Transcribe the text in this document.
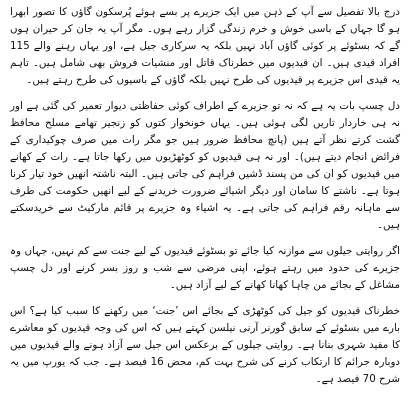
درج بالا تفصیل سے آپ کے ذہن میں ایک جزیرے پر بسے ہوئے پُرسکون گاؤں کا تصور ابھرا ہو گا جہاں کے باسی خوش و خرم زندگی گزار رہے ہوں۔ مگر آپ یہ جان کر حیران ہوں گے کہ بسٹوئے پر کوئی گاؤں آباد نہیں بلکہ یہ سرکاری جیل ہے، اور یہاں رہنے والے 115 افراد قیدی ہیں۔ ان قیدیوں میں خطرناک قاتل اور منشیات فروش بھی شامل ہیں۔ تاہم یہ قیدی اس جزیرے پر قیدیوں کی طرح نہیں بلکہ گاؤں کے باسیوں کی طرح رہتے ہیں۔

دل چسپ بات یہ ہے کہ نہ تو جزیرے کے اطراف کوئی حفاظتی دیوار تعمیر کی گئی ہے اور نہ ہی خاردار تاریں لگی ہوئی ہیں۔ یہاں خونخوار کتوں کو زنجیر تھامے مسلح محافظ گشت کرتے نظر آتے ہیں (پانچ محافظ ضرور ہیں جو مگر رات میں صرف چوکیداری کے فرائض انجام دیتے ہیں)۔ اور نہ ہی قیدیوں کو کوٹھڑیوں میں رکھا جاتا ہے۔ رات کے کھانے میں قیدیوں کو ان کی من پسند ڈشیں فراہم کی جاتی ہیں۔ البتہ ناشتہ انھیں خود تیار کرنا ہوتا ہے۔ ناشتے کا سامان اور دیگر اشیائے ضرورت خریدنے کے لیے انھیں حکومت کی طرف سے ماہانہ رقم فراہم کی جاتی ہے۔ یہ اشیاء وہ جزیرے پر قائم مارکیٹ سے خریدسکتے ہیں۔

اگر روایتی جیلوں سے موازنہ کیا جائے تو بسٹوئے قیدیوں کے لیے جنت سے کم نہیں، جہاں وہ جزیرے کی حدود میں رہتے ہوئے، اپنی مرضی سے شب و روز بسر کرنے اور دل چسپ مشاغل کے بجائے من چاہا کھانا کھانے کے لیے آزاد ہیں۔

خطرناک قیدیوں کو جیل کی کوٹھڑی کے بجائے اس ’جنت‘ میں رکھنے کا سبب کیا ہے؟ اس بارے میں بسٹوئے کے سابق گورنر آرنی نیلسن کہتے ہیں کہ اس کی وجہ قیدیوں کو معاشرے کا مفید شہری بنانا ہے۔ روایتی جیلوں کے برعکس اس جیل سے آزاد ہونے والے قیدیوں میں دوبارہ جرائم کا ارتکاب کرنے کی شرح بہت کم، محض 16 فیصد ہے۔ جب کہ یورپ میں یہ شرح 70 فیصد ہے۔
